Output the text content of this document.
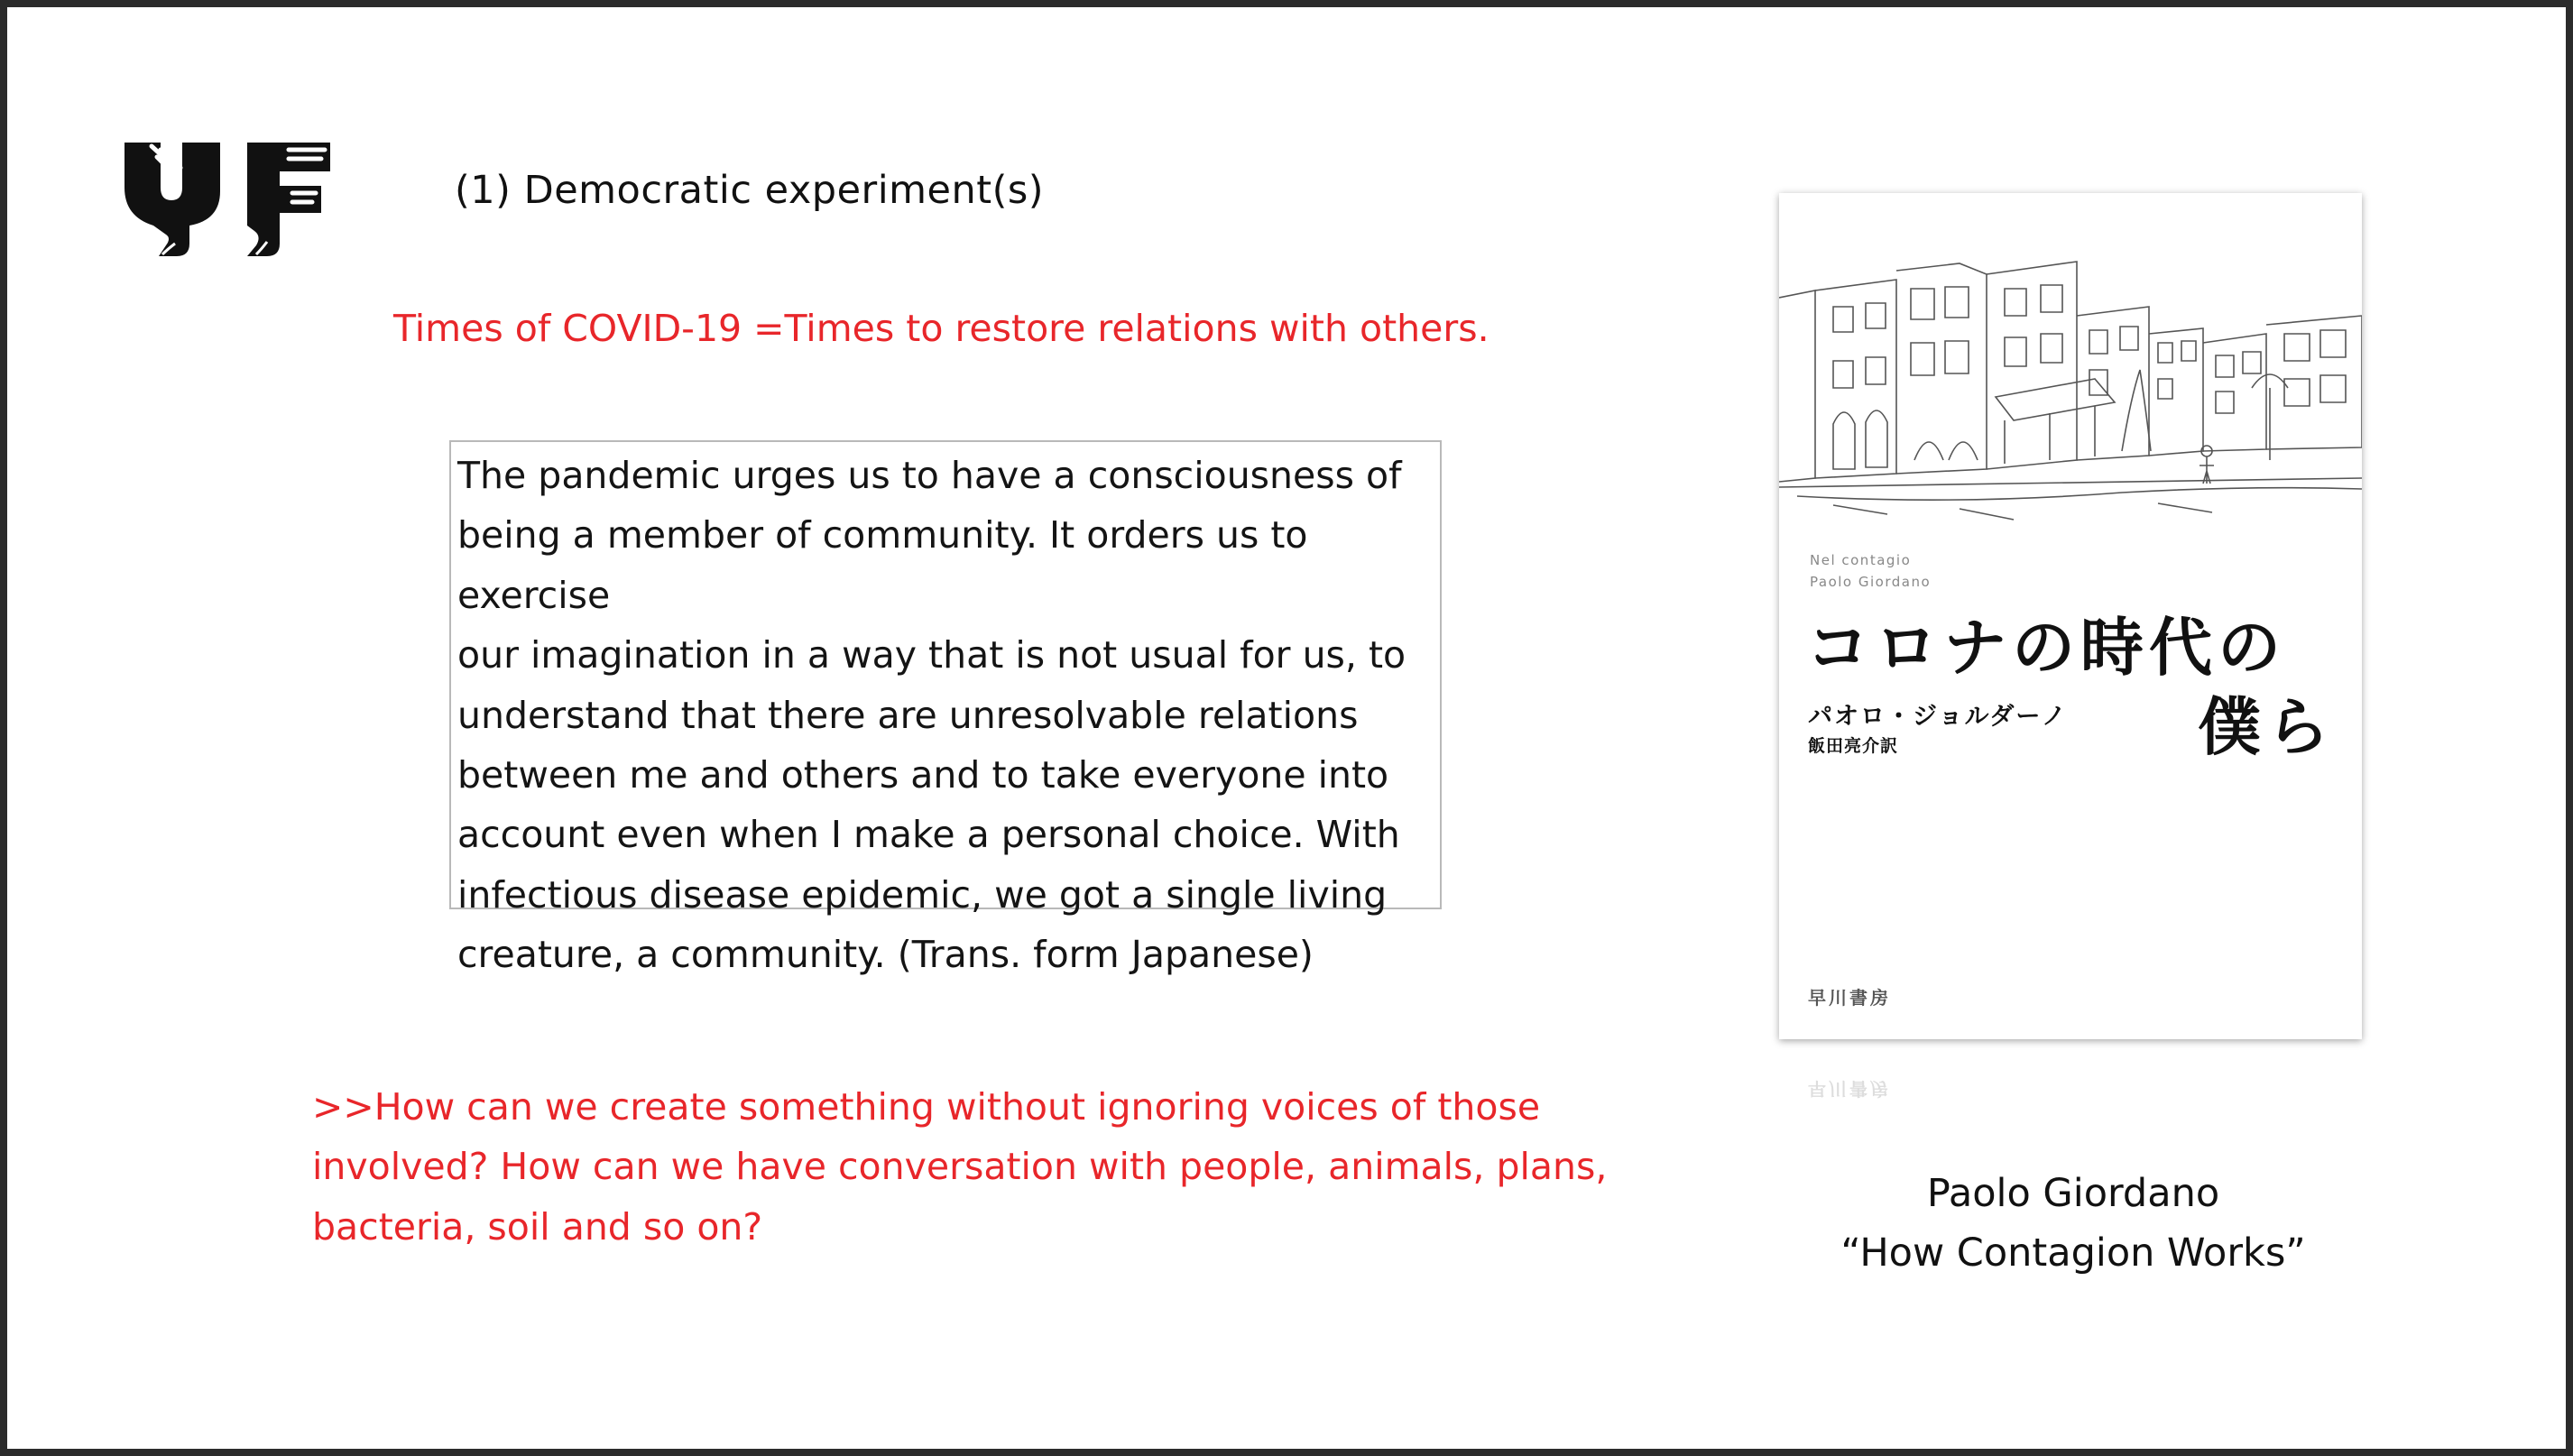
(1) Democratic experiment(s)
Times of COVID-19 =Times to restore relations with others.

The pandemic urges us to have a consciousness of
being a member of community. It orders us to exercise
our imagination in a way that is not usual for us, to
understand that there are unresolvable relations
between me and others and to take everyone into
account even when I make a personal choice. With
infectious disease epidemic, we got a single living
creature, a community. (Trans. form Japanese)

>>How can we create something without ignoring voices of those
involved? How can we have conversation with people, animals, plans,
bacteria, soil and so on?
Nel contagio
Paolo Giordano
コロナの時代の
パオロ・ジョルダーノ
飯田亮介訳	僕ら
早川書房
早川書房
Paolo Giordano
“How Contagion Works”
